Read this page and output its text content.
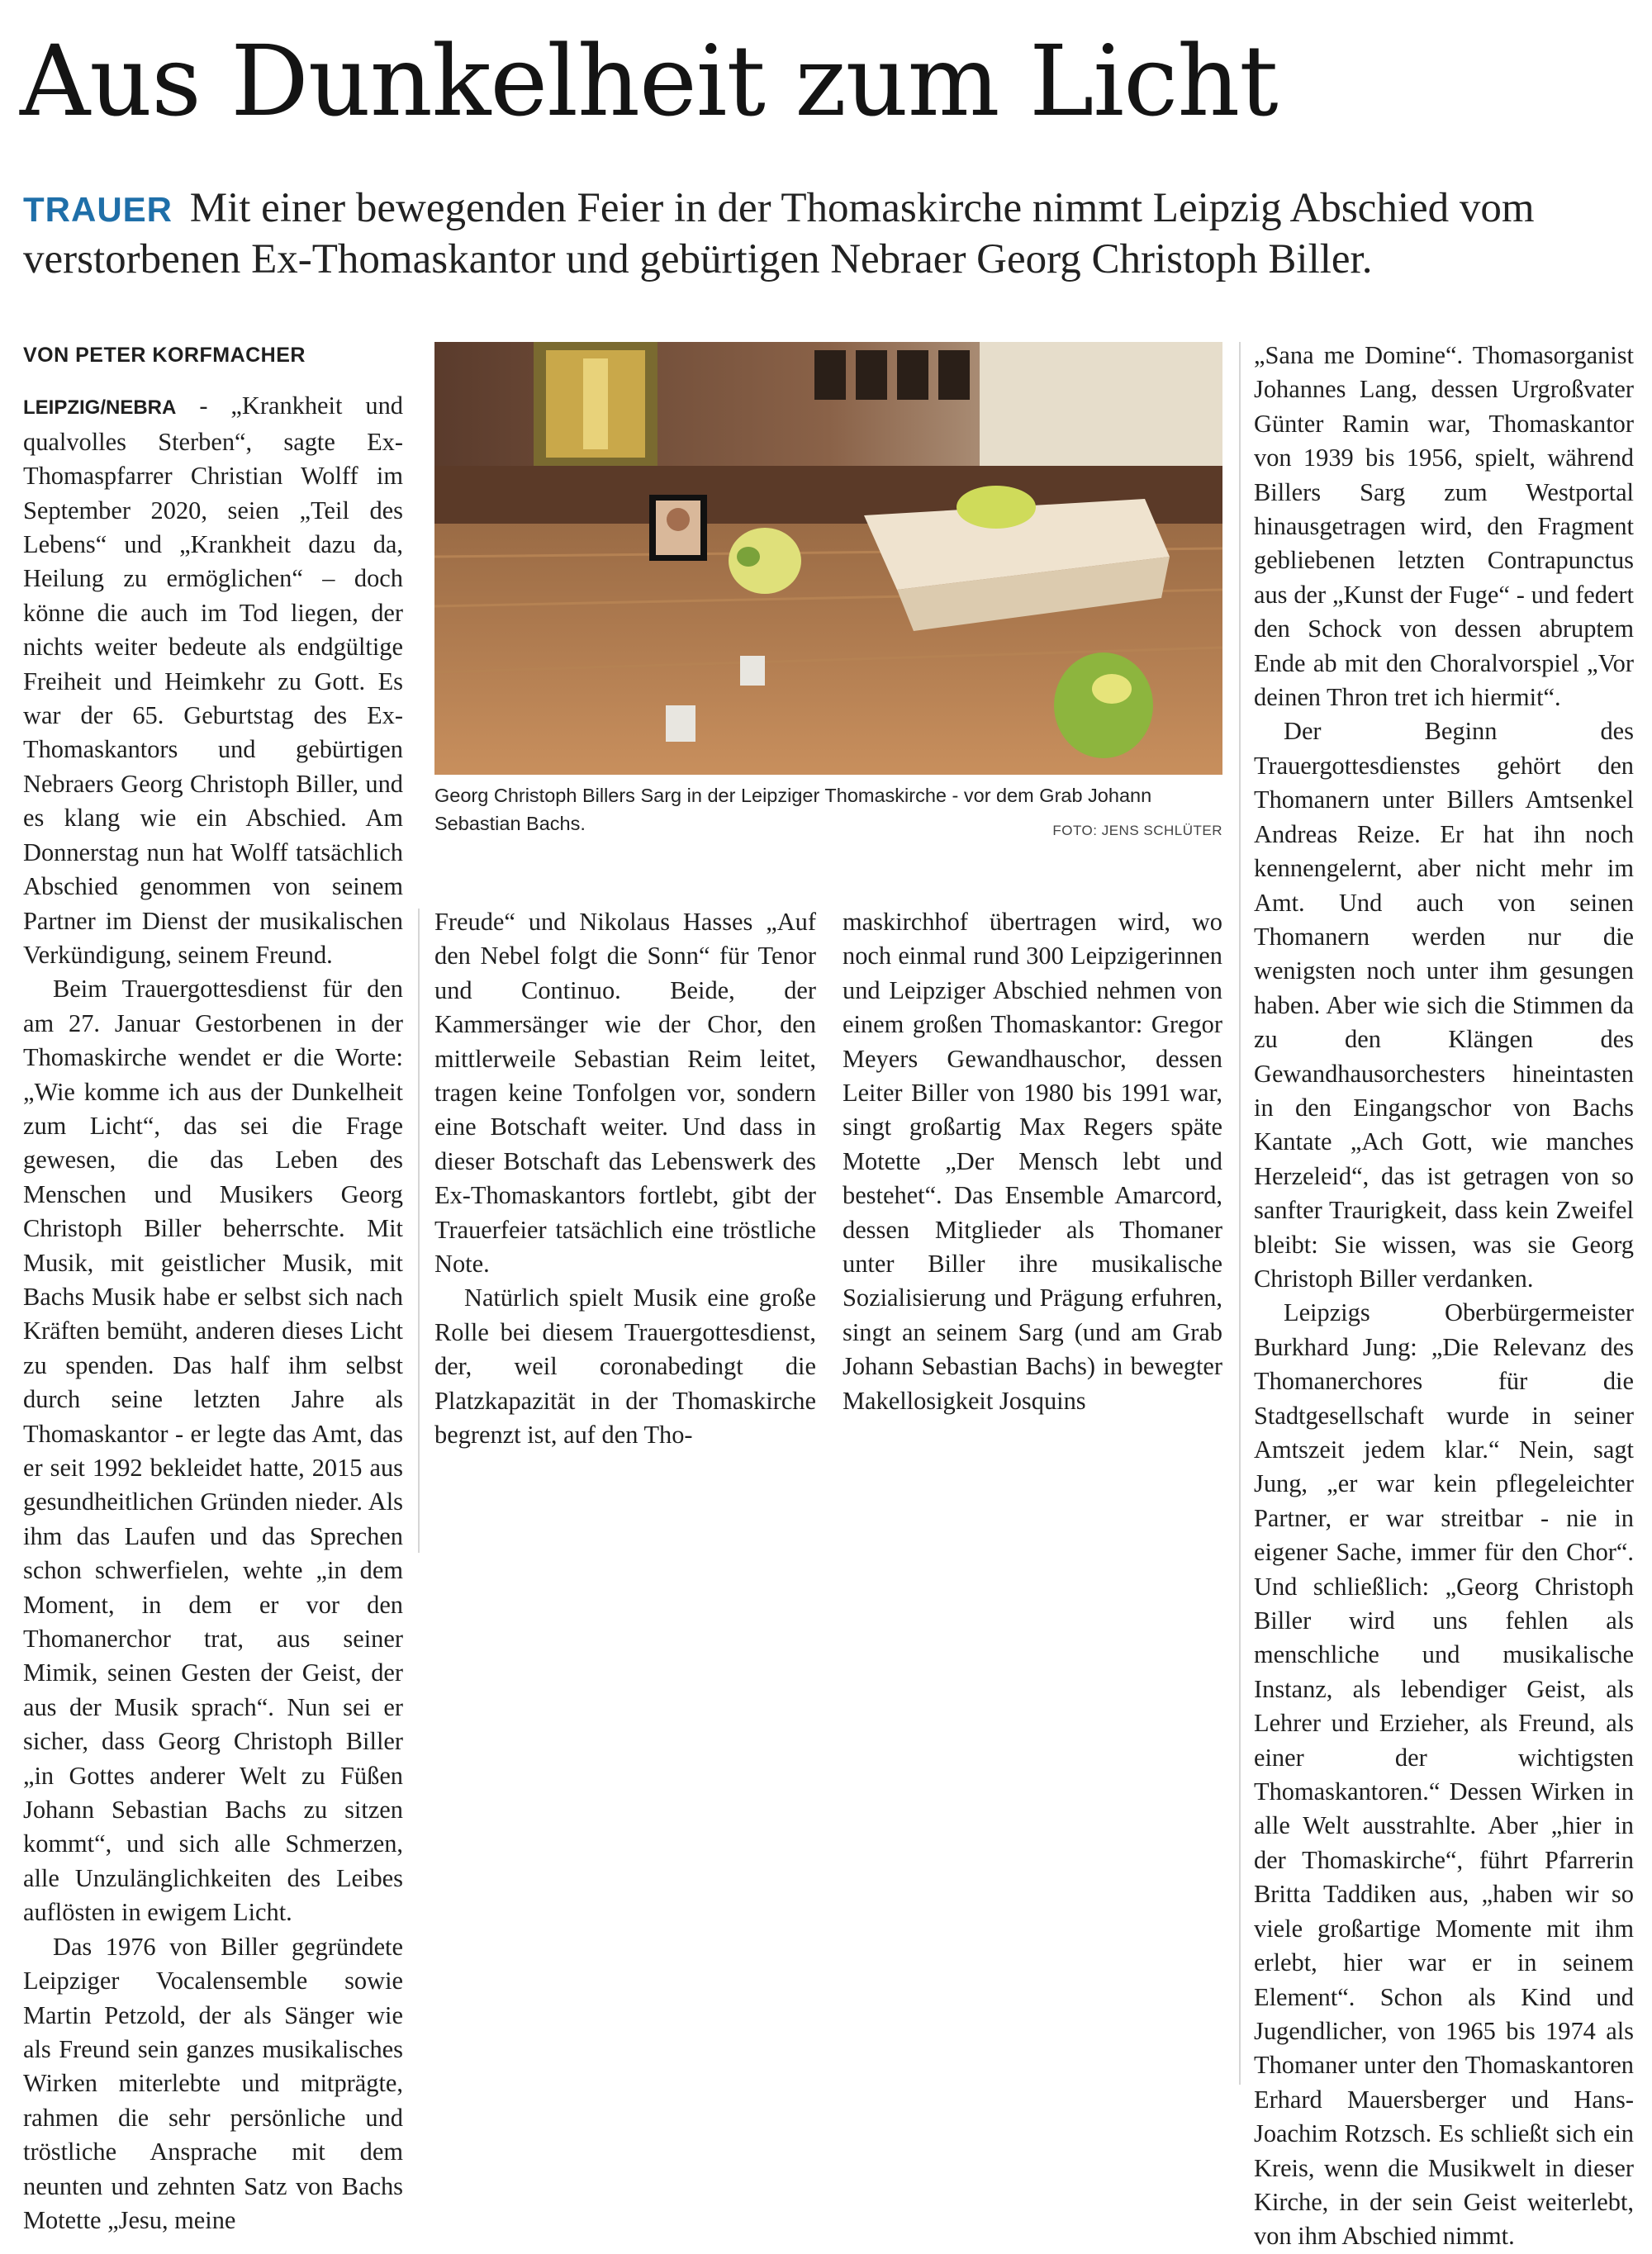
Aus Dunkelheit zum Licht

TRAUER Mit einer bewegenden Feier in der Thomaskirche nimmt Leipzig Abschied vom verstorbenen Ex-Thomaskantor und gebürtigen Nebraer Georg Christoph Biller.

VON PETER KORFMACHER

LEIPZIG/NEBRA - „Krankheit und qualvolles Sterben“, sagte Ex-Thomaspfarrer Christian Wolff im September 2020, seien „Teil des Lebens“ und „Krankheit dazu da, Heilung zu ermöglichen“ – doch könne die auch im Tod liegen, der nichts weiter bedeute als endgültige Freiheit und Heimkehr zu Gott. Es war der 65. Geburtstag des Ex-Thomaskantors und gebürtigen Nebraers Georg Christoph Biller, und es klang wie ein Abschied. Am Donnerstag nun hat Wolff tatsächlich Abschied genommen von seinem Partner im Dienst der musikalischen Verkündigung, seinem Freund.

Beim Trauergottesdienst für den am 27. Januar Gestorbenen in der Thomaskirche wendet er die Worte: „Wie komme ich aus der Dunkelheit zum Licht“, das sei die Frage gewesen, die das Leben des Menschen und Musikers Georg Christoph Biller beherrschte. Mit Musik, mit geistlicher Musik, mit Bachs Musik habe er selbst sich nach Kräften bemüht, anderen dieses Licht zu spenden. Das half ihm selbst durch seine letzten Jahre als Thomaskantor - er legte das Amt, das er seit 1992 bekleidet hatte, 2015 aus gesundheitlichen Gründen nieder. Als ihm das Laufen und das Sprechen schon schwerfielen, wehte „in dem Moment, in dem er vor den Thomanerchor trat, aus seiner Mimik, seinen Gesten der Geist, der aus der Musik sprach“. Nun sei er sicher, dass Georg Christoph Biller „in Gottes anderer Welt zu Füßen Johann Sebastian Bachs zu sitzen kommt“, und sich alle Schmerzen, alle Unzulänglichkeiten des Leibes auflösten in ewigem Licht.

Das 1976 von Biller gegründete Leipziger Vocalensemble sowie Martin Petzold, der als Sänger wie als Freund sein ganzes musikalisches Wirken miterlebte und mitprägte, rahmen die sehr persönliche und tröstliche Ansprache mit dem neunten und zehnten Satz von Bachs Motette „Jesu, meine

Georg Christoph Billers Sarg in der Leipziger Thomaskirche - vor dem Grab Johann Sebastian Bachs.	FOTO: JENS SCHLÜTER

Freude“ und Nikolaus Hasses „Auf den Nebel folgt die Sonn“ für Tenor und Continuo. Beide, der Kammersänger wie der Chor, den mittlerweile Sebastian Reim leitet, tragen keine Tonfolgen vor, sondern eine Botschaft weiter. Und dass in dieser Botschaft das Lebenswerk des Ex-Thomaskantors fortlebt, gibt der Trauerfeier tatsächlich eine tröstliche Note.

Natürlich spielt Musik eine große Rolle bei diesem Trauergottesdienst, der, weil coronabedingt die Platzkapazität in der Thomaskirche begrenzt ist, auf den Tho-

maskirchhof übertragen wird, wo noch einmal rund 300 Leipzigerinnen und Leipziger Abschied nehmen von einem großen Thomaskantor: Gregor Meyers Gewandhauschor, dessen Leiter Biller von 1980 bis 1991 war, singt großartig Max Regers späte Motette „Der Mensch lebt und bestehet“. Das Ensemble Amarcord, dessen Mitglieder als Thomaner unter Biller ihre musikalische Sozialisierung und Prägung erfuhren, singt an seinem Sarg (und am Grab Johann Sebastian Bachs) in bewegter Makellosigkeit Josquins

„Sana me Domine“. Thomasorganist Johannes Lang, dessen Urgroßvater Günter Ramin war, Thomaskantor von 1939 bis 1956, spielt, während Billers Sarg zum Westportal hinausgetragen wird, den Fragment gebliebenen letzten Contrapunctus aus der „Kunst der Fuge“ - und federt den Schock von dessen abruptem Ende ab mit den Choralvorspiel „Vor deinen Thron tret ich hiermit“.

Der Beginn des Trauergottesdienstes gehört den Thomanern unter Billers Amtsenkel Andreas Reize. Er hat ihn noch kennengelernt, aber nicht mehr im Amt. Und auch von seinen Thomanern werden nur die wenigsten noch unter ihm gesungen haben. Aber wie sich die Stimmen da zu den Klängen des Gewandhausorchesters hineintasten in den Eingangschor von Bachs Kantate „Ach Gott, wie manches Herzeleid“, das ist getragen von so sanfter Traurigkeit, dass kein Zweifel bleibt: Sie wissen, was sie Georg Christoph Biller verdanken.

Leipzigs Oberbürgermeister Burkhard Jung: „Die Relevanz des Thomanerchores für die Stadtgesellschaft wurde in seiner Amtszeit jedem klar.“ Nein, sagt Jung, „er war kein pflegeleichter Partner, er war streitbar - nie in eigener Sache, immer für den Chor“. Und schließlich: „Georg Christoph Biller wird uns fehlen als menschliche und musikalische Instanz, als lebendiger Geist, als Lehrer und Erzieher, als Freund, als einer der wichtigsten Thomaskantoren.“ Dessen Wirken in alle Welt ausstrahlte. Aber „hier in der Thomaskirche“, führt Pfarrerin Britta Taddiken aus, „haben wir so viele großartige Momente mit ihm erlebt, hier war er in seinem Element“. Schon als Kind und Jugendlicher, von 1965 bis 1974 als Thomaner unter den Thomaskantoren Erhard Mauersberger und Hans-Joachim Rotzsch. Es schließt sich ein Kreis, wenn die Musikwelt in dieser Kirche, in der sein Geist weiterlebt, von ihm Abschied nimmt.
